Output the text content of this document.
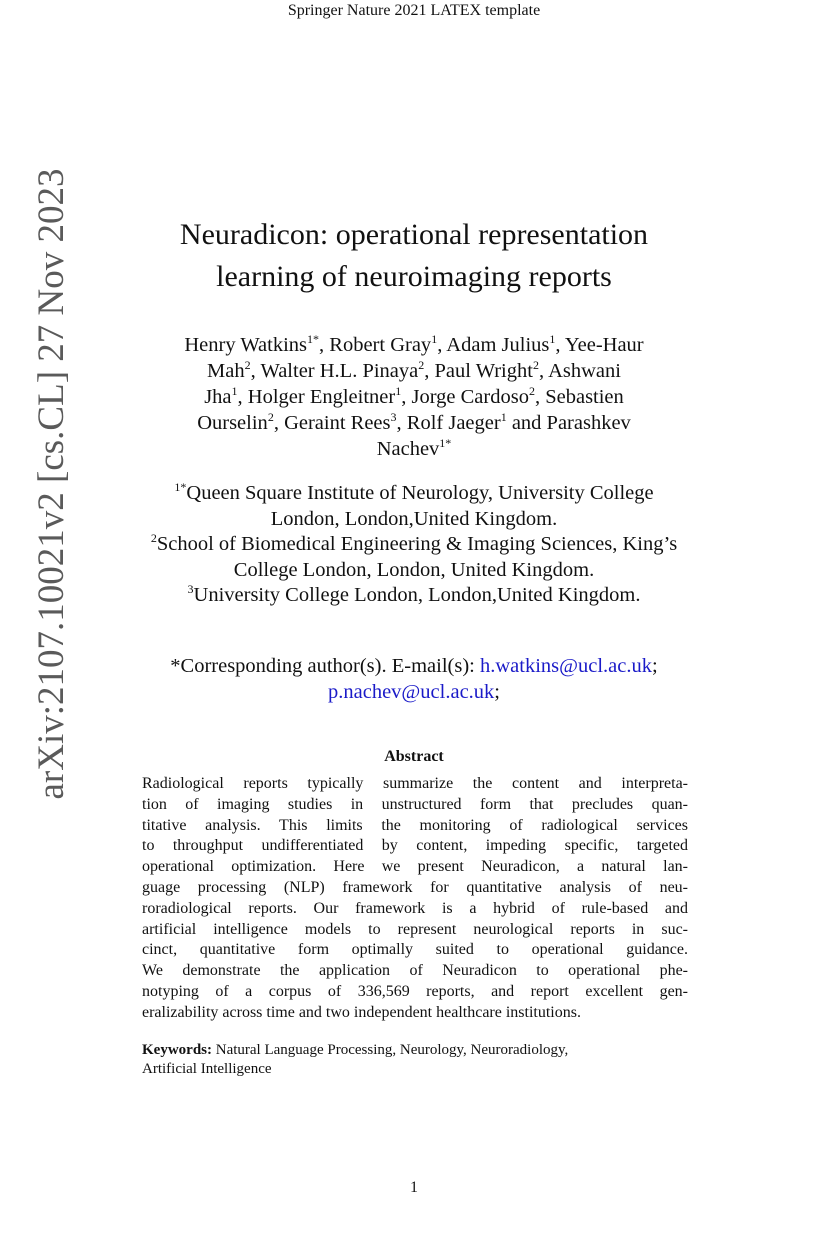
Springer Nature 2021 LATEX template
arXiv:2107.10021v2 [cs.CL] 27 Nov 2023	Neuradicon: operational representation
learning of neuroimaging reports
Henry Watkins$^{1*}$, Robert Gray$^1$, Adam Julius$^1$, Yee-Haur
Mah$^2$, Walter H.L. Pinaya$^2$, Paul Wright$^2$, Ashwani
Jha$^1$, Holger Engleitner$^1$, Jorge Cardoso$^2$, Sebastien
Ourselin$^2$, Geraint Rees$^3$, Rolf Jaeger$^1$ and Parashkev
Nachev$^{1*}$
$^{1*}$Queen Square Institute of Neurology, University College
London, London,United Kingdom.
$^2$School of Biomedical Engineering & Imaging Sciences, King’s
College London, London, United Kingdom.
$^3$University College London, London,United Kingdom.
*Corresponding author(s). E-mail(s): h.watkins@ucl.ac.uk;
p.nachev@ucl.ac.uk;
Abstract
Radiological reports typically summarize the content and interpreta-
tion of imaging studies in unstructured form that precludes quan-
titative analysis. This limits the monitoring of radiological services
to throughput undifferentiated by content, impeding specific, targeted
operational optimization. Here we present Neuradicon, a natural lan-
guage processing (NLP) framework for quantitative analysis of neu-
roradiological reports. Our framework is a hybrid of rule-based and
artificial intelligence models to represent neurological reports in suc-
cinct, quantitative form optimally suited to operational guidance.
We demonstrate the application of Neuradicon to operational phe-
notyping of a corpus of 336,569 reports, and report excellent gen-
eralizability across time and two independent healthcare institutions.
Keywords: Natural Language Processing, Neurology, Neuroradiology,
Artificial Intelligence
1
